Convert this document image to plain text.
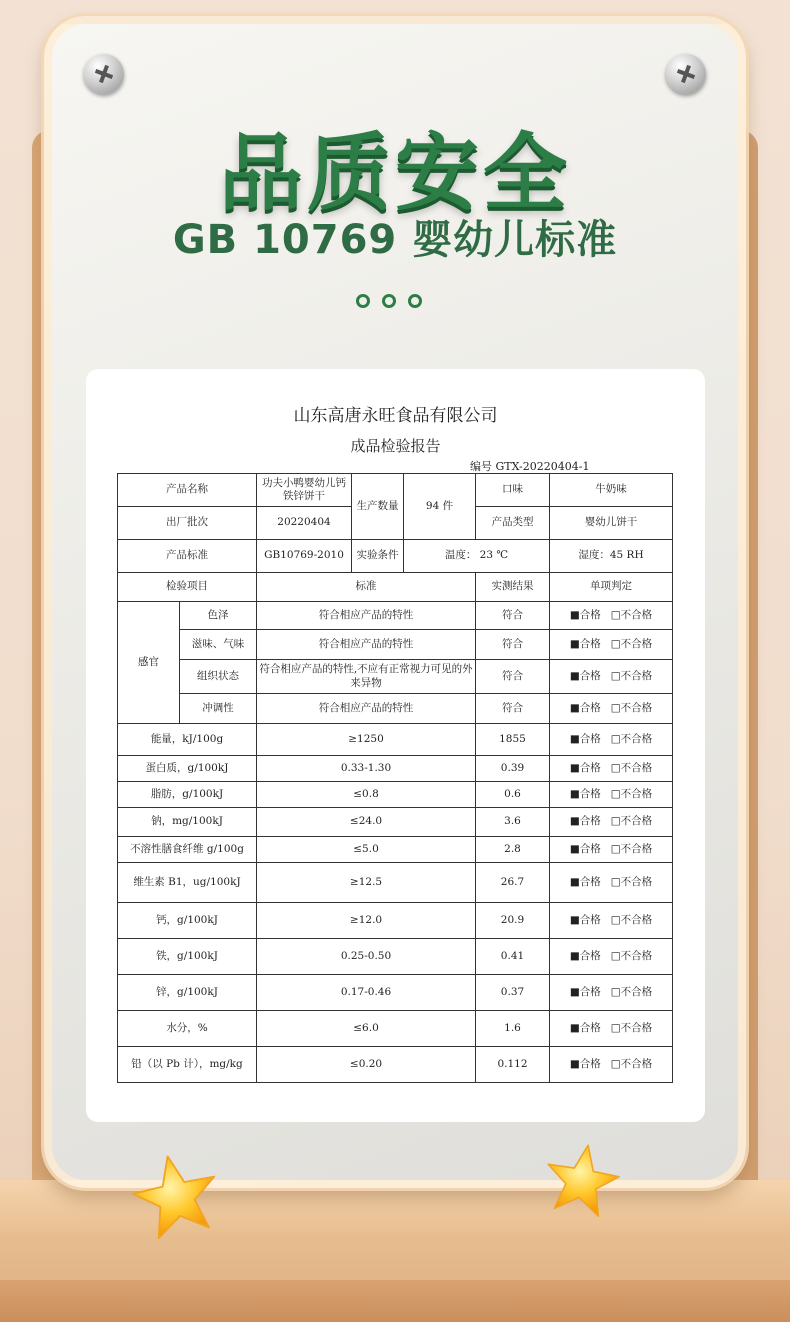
品质安全
GB 10769 婴幼儿标准
山东高唐永旺食品有限公司
成品检验报告
编号 GTX-20220404-1
产品名称		功夫小鸭婴幼儿钙铁锌饼干	生产数量	94 件	口味	牛奶味
出厂批次		20220404			产品类型	婴幼儿饼干
产品标准		GB10769-2010	实验条件	温度： 23 ℃		湿度：45 RH
检验项目		标准			实测结果	单项判定
感官	色泽	符合相应产品的特性			符合	■合格 □不合格
	滋味、气味	符合相应产品的特性			符合	■合格 □不合格
	组织状态	符合相应产品的特性,不应有正常视力可见的外来异物			符合	■合格 □不合格
	冲调性	符合相应产品的特性			符合	■合格 □不合格
能量，kJ/100g		≥1250			1855	■合格 □不合格
蛋白质，g/100kJ		0.33-1.30			0.39	■合格 □不合格
脂肪，g/100kJ		≤0.8			0.6	■合格 □不合格
钠，mg/100kJ		≤24.0			3.6	■合格 □不合格
不溶性膳食纤维 g/100g		≤5.0			2.8	■合格 □不合格
维生素 B1，ug/100kJ		≥12.5			26.7	■合格 □不合格
钙，g/100kJ		≥12.0			20.9	■合格 □不合格
铁，g/100kJ		0.25-0.50			0.41	■合格 □不合格
锌，g/100kJ		0.17-0.46			0.37	■合格 □不合格
水分，%		≤6.0			1.6	■合格 □不合格
铅（以 Pb 计），mg/kg		≤0.20			0.112	■合格 □不合格
